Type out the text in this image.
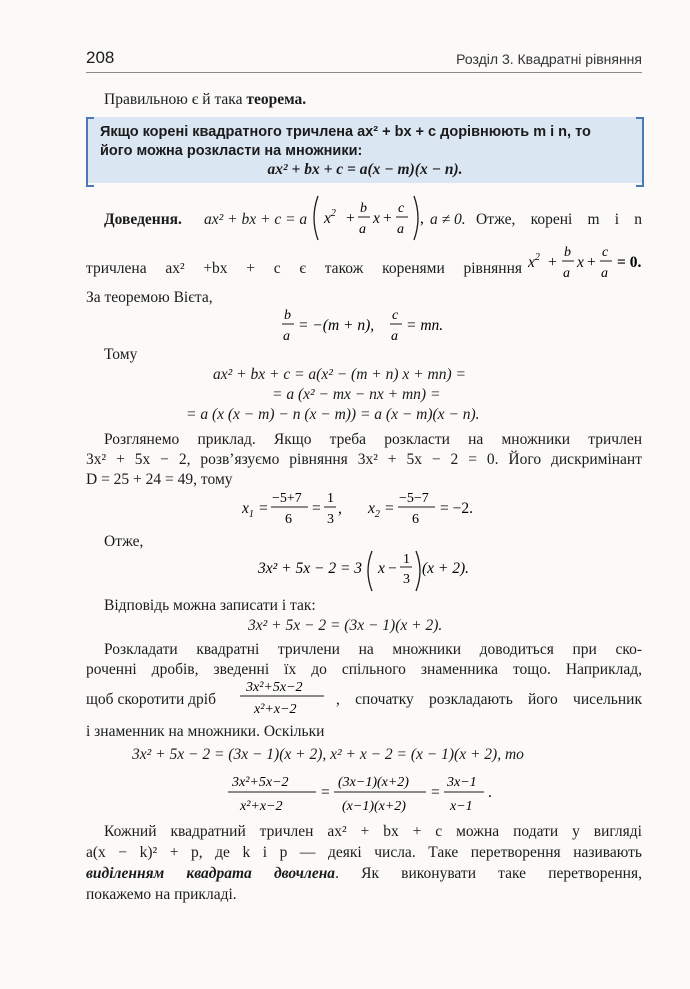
208	Розділ 3. Квадратні рівняння
Правильною є й така теорема.
Якщо корені квадратного тричлена ax² + bx + c дорівнюють m і n, то
його можна розкласти на множники:
ax² + bx + c = a(x − m)(x − n).
Доведення. ax² + bx + c = a $x^2$ +
b
a
x +
c
a
, a ≠ 0. Отже, корені m і n
тричлена ax² +bx + c є також коренями рівняння $x^2$ +
b
a
x +
c
a
= 0.
За теоремою Вієта,
b
a
= −(m + n),
c
a
= mn.
Тому
ax² + bx + c = a(x² − (m + n) x + mn) =
= a (x² − mx − nx + mn) =
= a (x (x − m) − n (x − m)) = a (x − m)(x − n).
Розглянемо приклад. Якщо треба розкласти на множники тричлен
3x² + 5x − 2, розв’язуємо рівняння 3x² + 5x − 2 = 0. Його дискримінант
D = 25 + 24 = 49, тому
$x_1$ =
−5+7
6
=
1
3
, $x_2$ =
−5−7
6
= −2.
Отже,
3x² + 5x − 2 = 3 x −
1
3
(x + 2).
Відповідь можна записати і так:
3x² + 5x − 2 = (3x − 1)(x + 2).
Розкладати квадратні тричлени на множники доводиться при ско-
роченні дробів, зведенні їх до спільного знаменника тощо. Наприклад,
щоб скоротити дріб
3x²+5x−2
x²+x−2
, спочатку розкладають його чисельник
і знаменник на множники. Оскільки
3x² + 5x − 2 = (3x − 1)(x + 2), x² + x − 2 = (x − 1)(x + 2), то
3x²+5x−2
x²+x−2
=
(3x−1)(x+2)
(x−1)(x+2)
=
3x−1
x−1
.
Кожний квадратний тричлен ax² + bx + c можна подати у вигляді
a(x − k)² + p, де k і p — деякі числа. Таке перетворення називають
виділенням квадрата двочлена. Як виконувати таке перетворення,
покажемо на прикладі.
